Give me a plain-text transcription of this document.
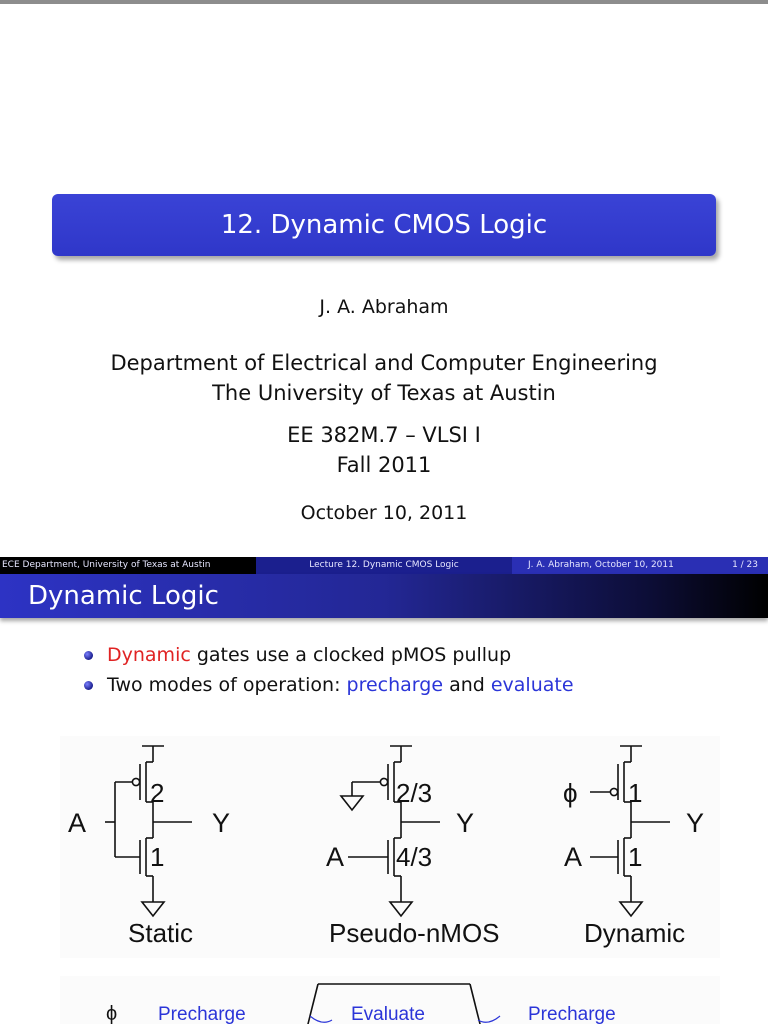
12. Dynamic CMOS Logic
J. A. Abraham
Department of Electrical and Computer Engineering
The University of Texas at Austin
EE 382M.7 – VLSI I
Fall 2011
October 10, 2011
ECE Department, University of Texas at Austin	Lecture 12. Dynamic CMOS Logic	J. A. Abraham, October 10, 2011	1 / 23
Dynamic Logic
Dynamic gates use a clocked pMOS pullup
Two modes of operation: precharge and evaluate
A
2
1
Y
Static
2/3
Y
A 4/3
Pseudo-nMOS
ϕ 1
Y
A 1
Dynamic
ϕ Precharge	Evaluate	Precharge
